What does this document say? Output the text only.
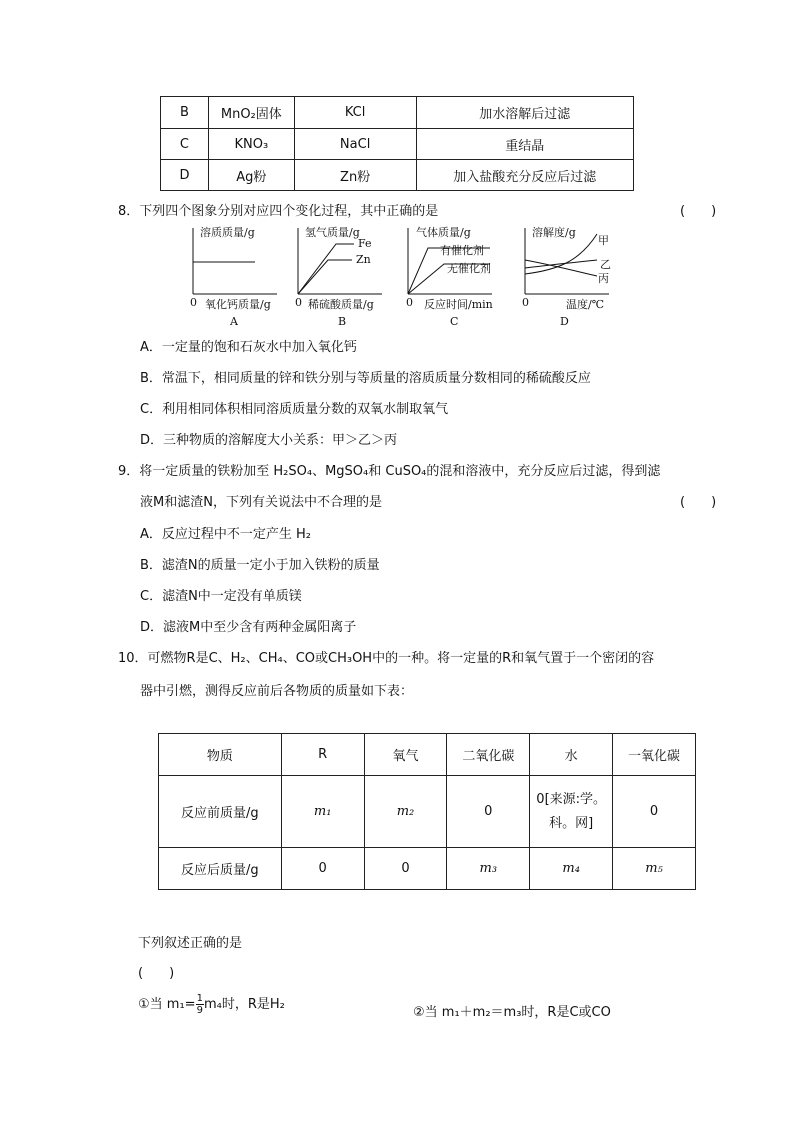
B	MnO₂固体	KCl	加水溶解后过滤
C	KNO₃	NaCl	重结晶
D	Ag粉	Zn粉	加入盐酸充分反应后过滤
8．下列四个图象分别对应四个变化过程，其中正确的是	(　　)
溶质质量/g
0 氧化钙质量/g
A
氢气质量/g
Fe
Zn
0 稀硫酸质量/g
B
气体质量/g
有催化剂
无催化剂
0 反应时间/min
C
溶解度/g
甲
乙
丙
0	温度/℃
D
A．一定量的饱和石灰水中加入氧化钙
B．常温下，相同质量的锌和铁分别与等质量的溶质质量分数相同的稀硫酸反应
C．利用相同体积相同溶质质量分数的双氧水制取氧气
D．三种物质的溶解度大小关系：甲＞乙＞丙
9．将一定质量的铁粉加至 H₂SO₄、MgSO₄和 CuSO₄的混和溶液中，充分反应后过滤，得到滤
液M和滤渣N，下列有关说法中不合理的是	(　　)
A．反应过程中不一定产生 H₂
B．滤渣N的质量一定小于加入铁粉的质量
C．滤渣N中一定没有单质镁
D．滤液M中至少含有两种金属阳离子
10．可燃物R是C、H₂、CH₄、CO或CH₃OH中的一种。将一定量的R和氧气置于一个密闭的容
器中引燃，测得反应前后各物质的质量如下表：
物质	R	氧气	二氧化碳	水	一氧化碳
反应前质量/g	m₁	m₂	0	0[来源:学。科。网]	0
反应后质量/g	0	0	m₃	m₄	m₅
下列叙述正确的是
(　　)
①当 $m_1= \frac{1}{9} m_4$时，R是H₂
②当 m₁＋m₂＝m₃时，R是C或CO
